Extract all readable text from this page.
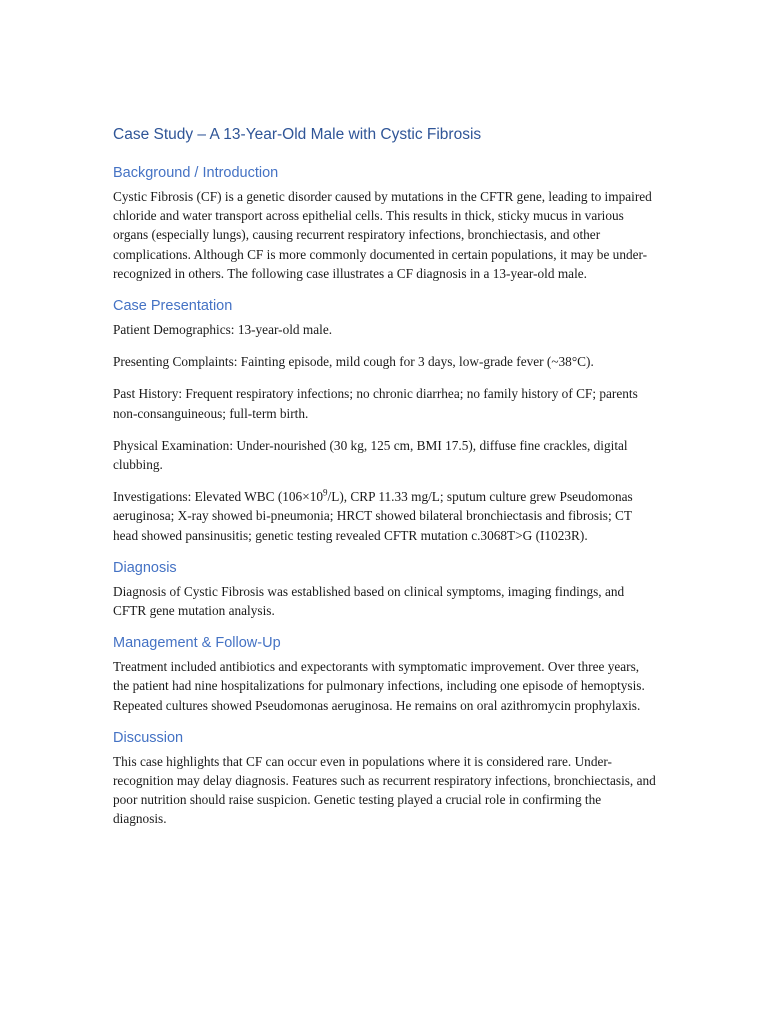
Case Study – A 13-Year-Old Male with Cystic Fibrosis
Background / Introduction

Cystic Fibrosis (CF) is a genetic disorder caused by mutations in the CFTR gene, leading to impaired chloride and water transport across epithelial cells. This results in thick, sticky mucus in various organs (especially lungs), causing recurrent respiratory infections, bronchiectasis, and other complications. Although CF is more commonly documented in certain populations, it may be under-recognized in others. The following case illustrates a CF diagnosis in a 13-year-old male.

Case Presentation

Patient Demographics: 13-year-old male.

Presenting Complaints: Fainting episode, mild cough for 3 days, low-grade fever (~38°C).

Past History: Frequent respiratory infections; no chronic diarrhea; no family history of CF; parents non-consanguineous; full-term birth.

Physical Examination: Under-nourished (30 kg, 125 cm, BMI 17.5), diffuse fine crackles, digital clubbing.

Investigations: Elevated WBC $(106\times 10^9/L)$, CRP 11.33 mg/L; sputum culture grew Pseudomonas aeruginosa; X-ray showed bi-pneumonia; HRCT showed bilateral bronchiectasis and fibrosis; CT head showed pansinusitis; genetic testing revealed CFTR mutation c.3068T>G (I1023R).

Diagnosis

Diagnosis of Cystic Fibrosis was established based on clinical symptoms, imaging findings, and CFTR gene mutation analysis.

Management & Follow-Up

Treatment included antibiotics and expectorants with symptomatic improvement. Over three years, the patient had nine hospitalizations for pulmonary infections, including one episode of hemoptysis. Repeated cultures showed Pseudomonas aeruginosa. He remains on oral azithromycin prophylaxis.

Discussion

This case highlights that CF can occur even in populations where it is considered rare. Under-recognition may delay diagnosis. Features such as recurrent respiratory infections, bronchiectasis, and poor nutrition should raise suspicion. Genetic testing played a crucial role in confirming the diagnosis.
